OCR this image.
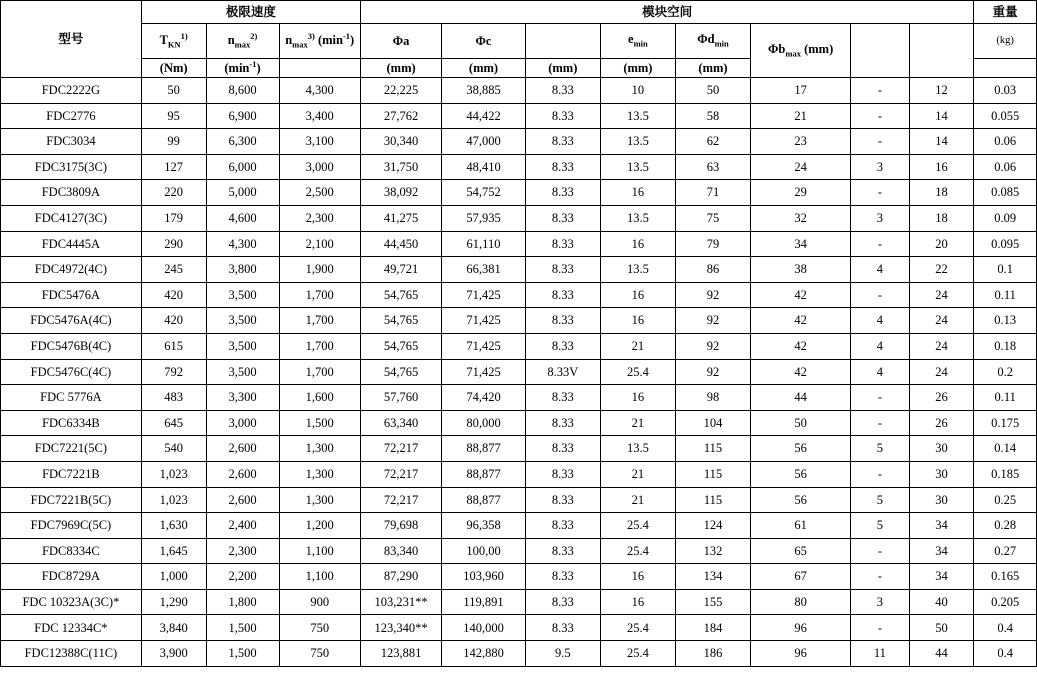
型号	极限速度			模块空间								重量

	$T_{KN}^{1)}$	$n_{max}^{2)}$	$n_{max}^{3)}$ $(\min^{-1})$	Φa	Φc		$e_{min}$	$\Phi d_{min}$	$\Phi b_{max}$ (mm)			(kg)

	(Nm)	$(\min^{-1})$		(mm)	(mm)	(mm)	(mm)	(mm)				
FDC2222G	50	8,600	4,300	22,225	38,885	8.33	10	50	17	-	12	0.03
FDC2776	95	6,900	3,400	27,762	44,422	8.33	13.5	58	21	-	14	0.055
FDC3034	99	6,300	3,100	30,340	47,000	8.33	13.5	62	23	-	14	0.06
FDC3175(3C)	127	6,000	3,000	31,750	48,410	8.33	13.5	63	24	3	16	0.06
FDC3809A	220	5,000	2,500	38,092	54,752	8.33	16	71	29	-	18	0.085
FDC4127(3C)	179	4,600	2,300	41,275	57,935	8.33	13.5	75	32	3	18	0.09
FDC4445A	290	4,300	2,100	44,450	61,110	8.33	16	79	34	-	20	0.095
FDC4972(4C)	245	3,800	1,900	49,721	66,381	8.33	13.5	86	38	4	22	0.1
FDC5476A	420	3,500	1,700	54,765	71,425	8.33	16	92	42	-	24	0.11
FDC5476A(4C)	420	3,500	1,700	54,765	71,425	8.33	16	92	42	4	24	0.13
FDC5476B(4C)	615	3,500	1,700	54,765	71,425	8.33	21	92	42	4	24	0.18
FDC5476C(4C)	792	3,500	1,700	54,765	71,425	8.33V	25.4	92	42	4	24	0.2
FDC 5776A	483	3,300	1,600	57,760	74,420	8.33	16	98	44	-	26	0.11
FDC6334B	645	3,000	1,500	63,340	80,000	8.33	21	104	50	-	26	0.175
FDC7221(5C)	540	2,600	1,300	72,217	88,877	8.33	13.5	115	56	5	30	0.14
FDC7221B	1,023	2,600	1,300	72,217	88,877	8.33	21	115	56	-	30	0.185
FDC7221B(5C)	1,023	2,600	1,300	72,217	88,877	8.33	21	115	56	5	30	0.25
FDC7969C(5C)	1,630	2,400	1,200	79,698	96,358	8.33	25.4	124	61	5	34	0.28
FDC8334C	1,645	2,300	1,100	83,340	100,00	8.33	25.4	132	65	-	34	0.27
FDC8729A	1,000	2,200	1,100	87,290	103,960	8.33	16	134	67	-	34	0.165
FDC 10323A(3C)*	1,290	1,800	900	103,231**	119,891	8.33	16	155	80	3	40	0.205
FDC 12334C*	3,840	1,500	750	123,340**	140,000	8.33	25.4	184	96	-	50	0.4
FDC12388C(11C)	3,900	1,500	750	123,881	142,880	9.5	25.4	186	96	11	44	0.4
